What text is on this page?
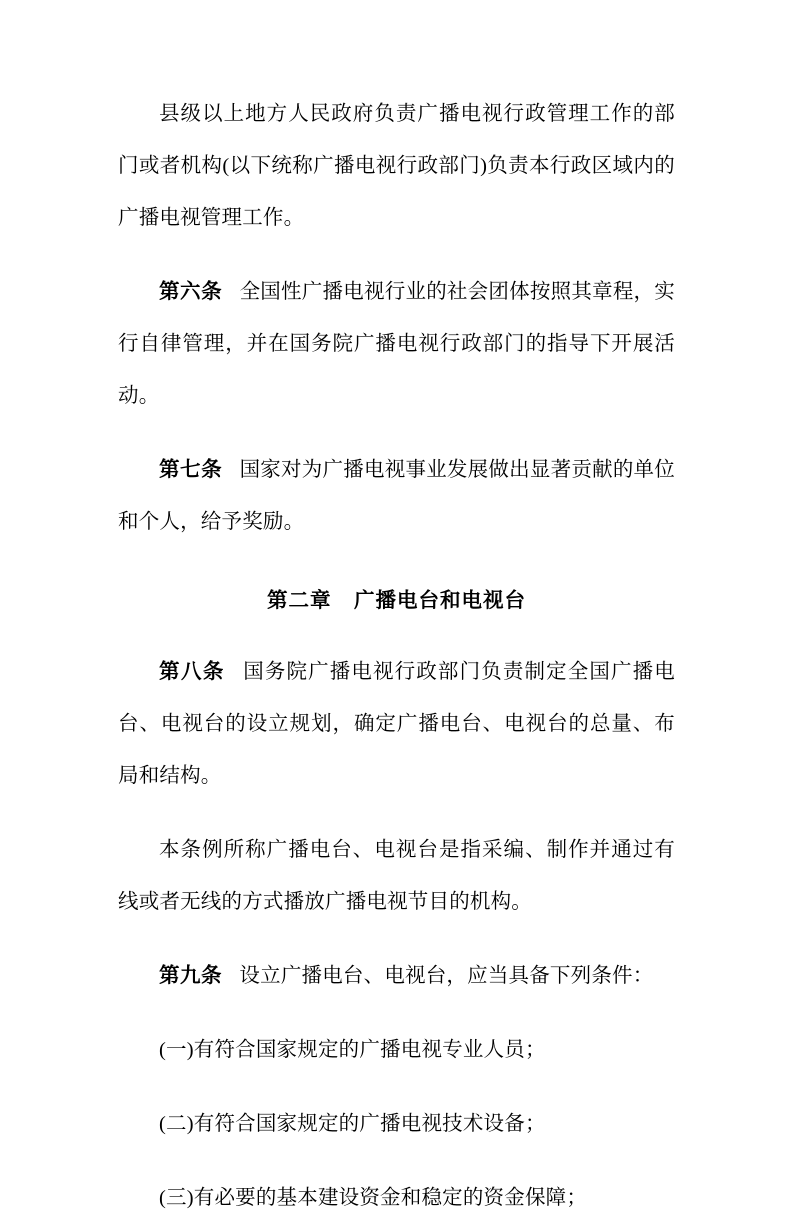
县级以上地方人民政府负责广播电视行政管理工作的部门或者机构(以下统称广播电视行政部门)负责本行政区域内的广播电视管理工作。

第六条 全国性广播电视行业的社会团体按照其章程，实行自律管理，并在国务院广播电视行政部门的指导下开展活动。

第七条 国家对为广播电视事业发展做出显著贡献的单位和个人，给予奖励。

第二章 广播电台和电视台

第八条 国务院广播电视行政部门负责制定全国广播电台、电视台的设立规划，确定广播电台、电视台的总量、布局和结构。

本条例所称广播电台、电视台是指采编、制作并通过有线或者无线的方式播放广播电视节目的机构。

第九条 设立广播电台、电视台，应当具备下列条件：

(一)有符合国家规定的广播电视专业人员；

(二)有符合国家规定的广播电视技术设备；

(三)有必要的基本建设资金和稳定的资金保障；
